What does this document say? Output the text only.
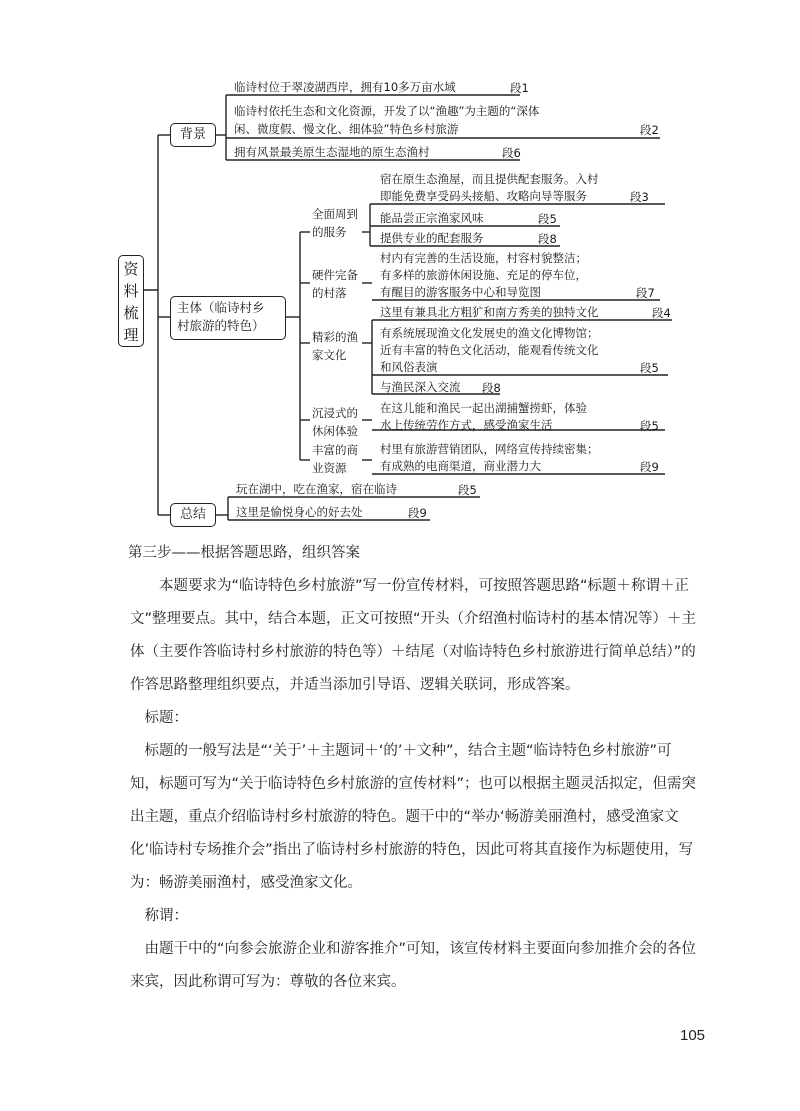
资
料
梳
理
背景
临诗村位于翠凌湖西岸，拥有10多万亩水域	段1
临诗村依托生态和文化资源，开发了以“渔趣”为主题的“深体
闲、微度假、慢文化、细体验”特色乡村旅游	段2
拥有风景最美原生态湿地的原生态渔村	段6
主体（临诗村乡
村旅游的特色）
全面周到
的服务
宿在原生态渔屋，而且提供配套服务。入村
即能免费享受码头接船、攻略向导等服务	段3
能品尝正宗渔家风味	段5
提供专业的配套服务	段8
硬件完备
的村落
村内有完善的生活设施，村容村貌整洁；
有多样的旅游休闲设施、充足的停车位，
有醒目的游客服务中心和导览图	段7
精彩的渔
家文化
这里有兼具北方粗犷和南方秀美的独特文化	段4
有系统展现渔文化发展史的渔文化博物馆；
近有丰富的特色文化活动，能观看传统文化
和风俗表演	段5
与渔民深入交流 段8
沉浸式的
休闲体验
在这儿能和渔民一起出湖捕蟹捞虾，体验
水上传统劳作方式，感受渔家生活	段5
丰富的商
业资源
村里有旅游营销团队，网络宣传持续密集；
有成熟的电商渠道，商业潜力大	段9
总结
玩在湖中，吃在渔家，宿在临诗	段5
这里是愉悦身心的好去处	段9

第三步——根据答题思路，组织答案

本题要求为“临诗特色乡村旅游”写一份宣传材料，可按照答题思路“标题＋称谓＋正文”整理要点。其中，结合本题，正文可按照“开头（介绍渔村临诗村的基本情况等）＋主体（主要作答临诗村乡村旅游的特色等）＋结尾（对临诗特色乡村旅游进行简单总结）”的作答思路整理组织要点，并适当添加引导语、逻辑关联词，形成答案。

标题：

标题的一般写法是“‘关于’＋主题词＋‘的’＋文种”，结合主题“临诗特色乡村旅游”可知，标题可写为“关于临诗特色乡村旅游的宣传材料”；也可以根据主题灵活拟定，但需突出主题，重点介绍临诗村乡村旅游的特色。题干中的“举办‘畅游美丽渔村，感受渔家文化’临诗村专场推介会”指出了临诗村乡村旅游的特色，因此可将其直接作为标题使用，写为：畅游美丽渔村，感受渔家文化。

称谓：

由题干中的“向参会旅游企业和游客推介”可知，该宣传材料主要面向参加推介会的各位来宾，因此称谓可写为：尊敬的各位来宾。

105
